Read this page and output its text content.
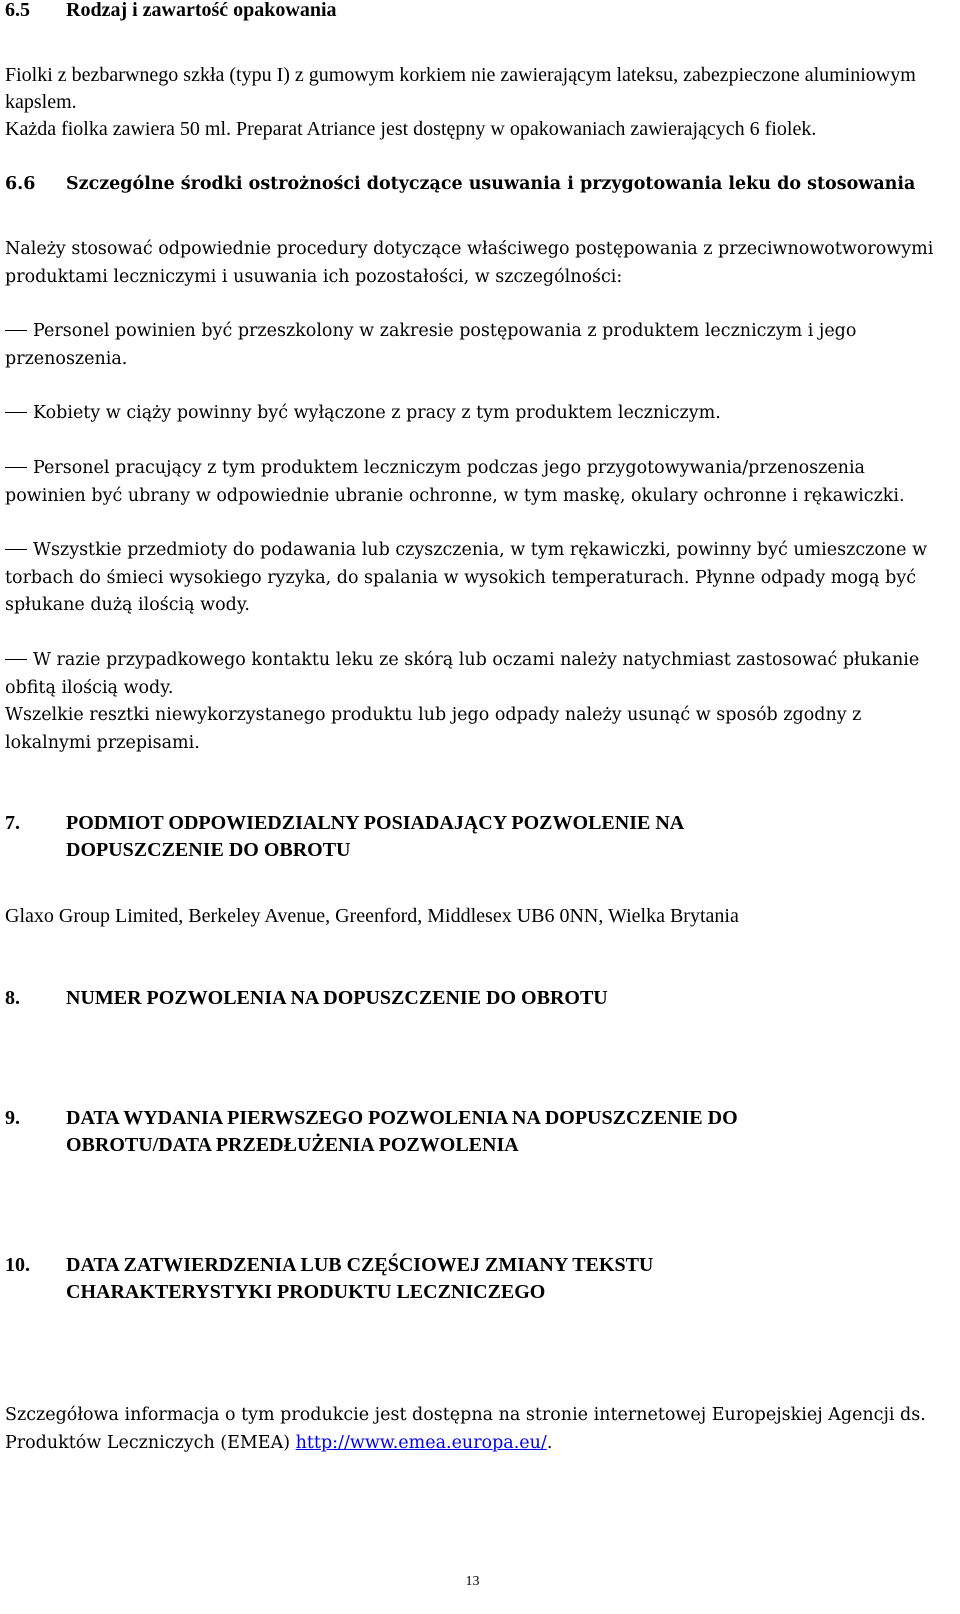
6.5 Rodzaj i zawartość opakowania

Fiolki z bezbarwnego szkła (typu I) z gumowym korkiem nie zawierającym lateksu, zabezpieczone aluminiowym kapslem.

Każda fiolka zawiera 50 ml. Preparat Atriance jest dostępny w opakowaniach zawierających 6 fiolek.

6.6 Szczególne środki ostrożności dotyczące usuwania i przygotowania leku do stosowania

Należy stosować odpowiednie procedury dotyczące właściwego postępowania z przeciwnowotworowymi produktami leczniczymi i usuwania ich pozostałości, w szczególności:

Personel powinien być przeszkolony w zakresie postępowania z produktem leczniczym i jego przenoszenia.

Kobiety w ciąży powinny być wyłączone z pracy z tym produktem leczniczym.

Personel pracujący z tym produktem leczniczym podczas jego przygotowywania/przenoszenia powinien być ubrany w odpowiednie ubranie ochronne, w tym maskę, okulary ochronne i rękawiczki.

Wszystkie przedmioty do podawania lub czyszczenia, w tym rękawiczki, powinny być umieszczone w torbach do śmieci wysokiego ryzyka, do spalania w wysokich temperaturach. Płynne odpady mogą być spłukane dużą ilością wody.

W razie przypadkowego kontaktu leku ze skórą lub oczami należy natychmiast zastosować płukanie obfitą ilością wody.

Wszelkie resztki niewykorzystanego produktu lub jego odpady należy usunąć w sposób zgodny z lokalnymi przepisami.

7. PODMIOT ODPOWIEDZIALNY POSIADAJĄCY POZWOLENIE NA DOPUSZCZENIE DO OBROTU

Glaxo Group Limited, Berkeley Avenue, Greenford, Middlesex UB6 0NN, Wielka Brytania

8. NUMER POZWOLENIA NA DOPUSZCZENIE DO OBROTU
9. DATA WYDANIA PIERWSZEGO POZWOLENIA NA DOPUSZCZENIE DO OBROTU/DATA PRZEDŁUŻENIA POZWOLENIA
10. DATA ZATWIERDZENIA LUB CZĘŚCIOWEJ ZMIANY TEKSTU CHARAKTERYSTYKI PRODUKTU LECZNICZEGO

Szczegółowa informacja o tym produkcie jest dostępna na stronie internetowej Europejskiej Agencji ds. Produktów Leczniczych (EMEA) http://www.emea.europa.eu/.

13
